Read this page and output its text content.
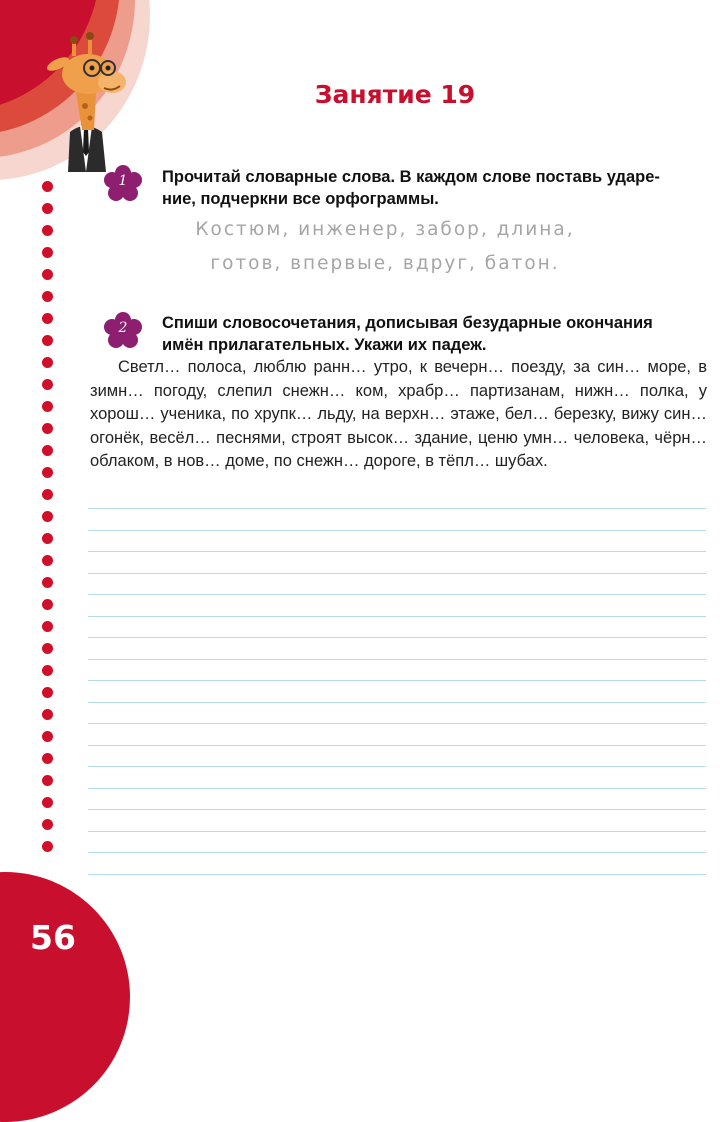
Занятие 19
1	Прочитай словарные слова. В каждом слове поставь ударе-
ние, подчеркни все орфограммы.
Костюм, инженер, забор, длина,
готов, впервые, вдруг, батон.
2	Спиши словосочетания, дописывая безударные окончания
имён прилагательных. Укажи их падеж.
Светл… полоса, люблю ранн… утро, к вечерн… поезду, за син… море, в зимн… погоду, слепил снежн… ком, храбр… партизанам, нижн… полка, у хорош… ученика, по хрупк… льду, на верхн… этаже, бел… березку, вижу син… огонёк, весёл… песнями, строят высок… здание, ценю умн… человека, чёрн… облаком, в нов… доме, по снежн… дороге, в тёпл… шубах.
56
